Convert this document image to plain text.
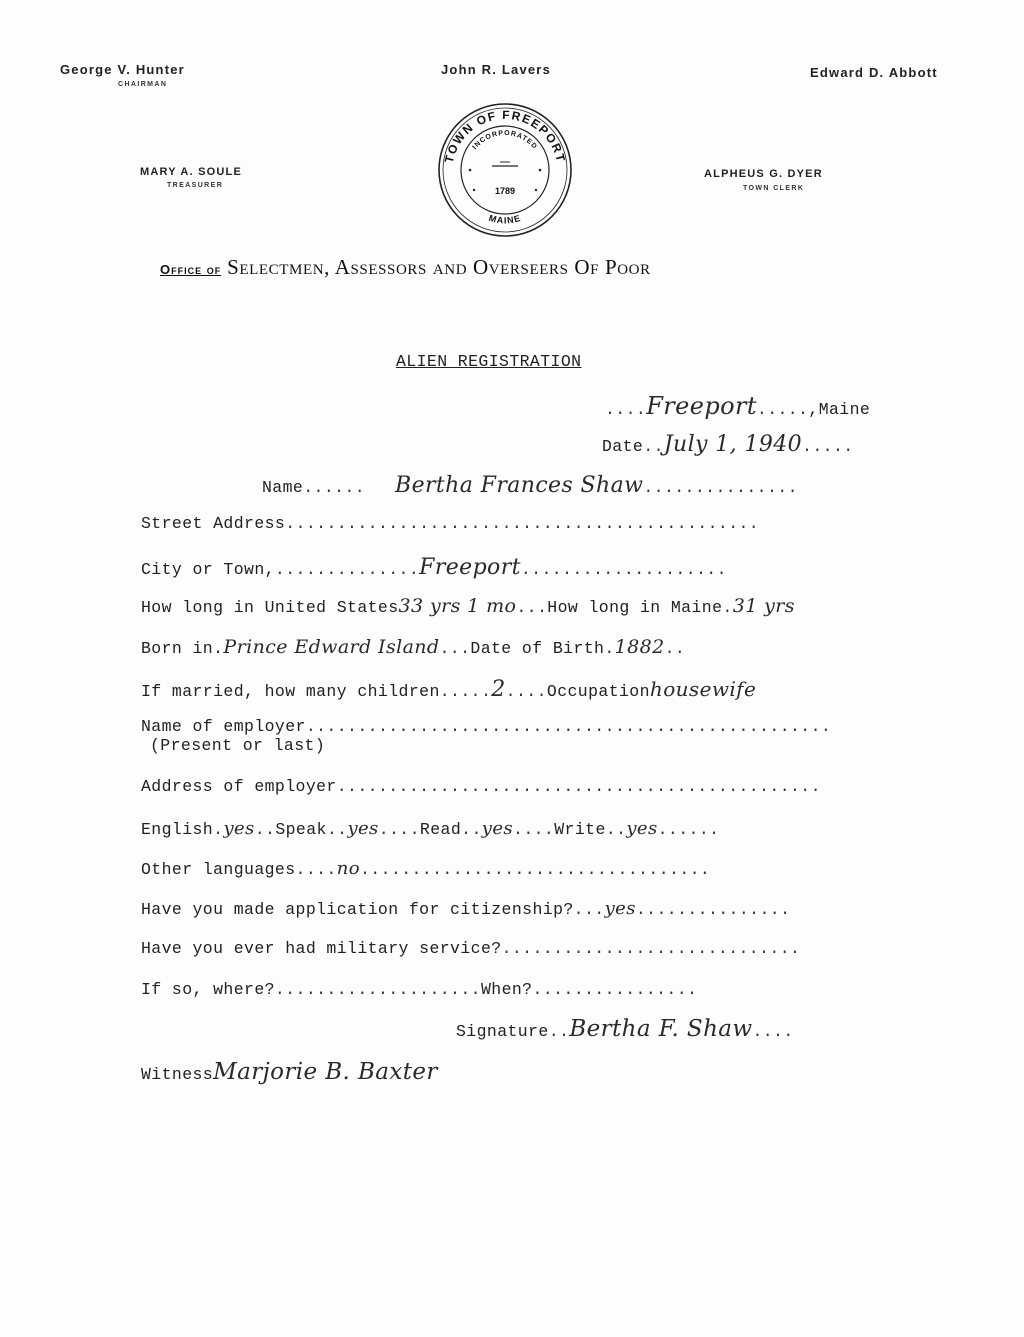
George V. Hunter
CHAIRMAN
John R. Lavers	Edward D. Abbott
MARY A. SOULE
TREASURER
ALPHEUS G. DYER
TOWN CLERK
TOWN OF FREEPORT
INCORPORATED
1789
MAINE
Office of Selectmen, Assessors and Overseers Of Poor
ALIEN REGISTRATION
....Freeport.....,Maine
Date..July 1, 1940.....
Name...... Bertha Frances Shaw...............
Street Address..............................................
City or Town,..............Freeport....................
How long in United States33 yrs 1 mo...How long in Maine.31 yrs
Born in.Prince Edward Island...Date of Birth.1882..
If married, how many children.....2....Occupationhousewife
Name of employer...................................................
(Present or last)
Address of employer...............................................
English.yes..Speak..yes....Read..yes....Write..yes......
Other languages....no..................................
Have you made application for citizenship?...yes...............
Have you ever had military service?.............................
If so, where?....................When?................
Signature..Bertha F. Shaw....
WitnessMarjorie B. Baxter
